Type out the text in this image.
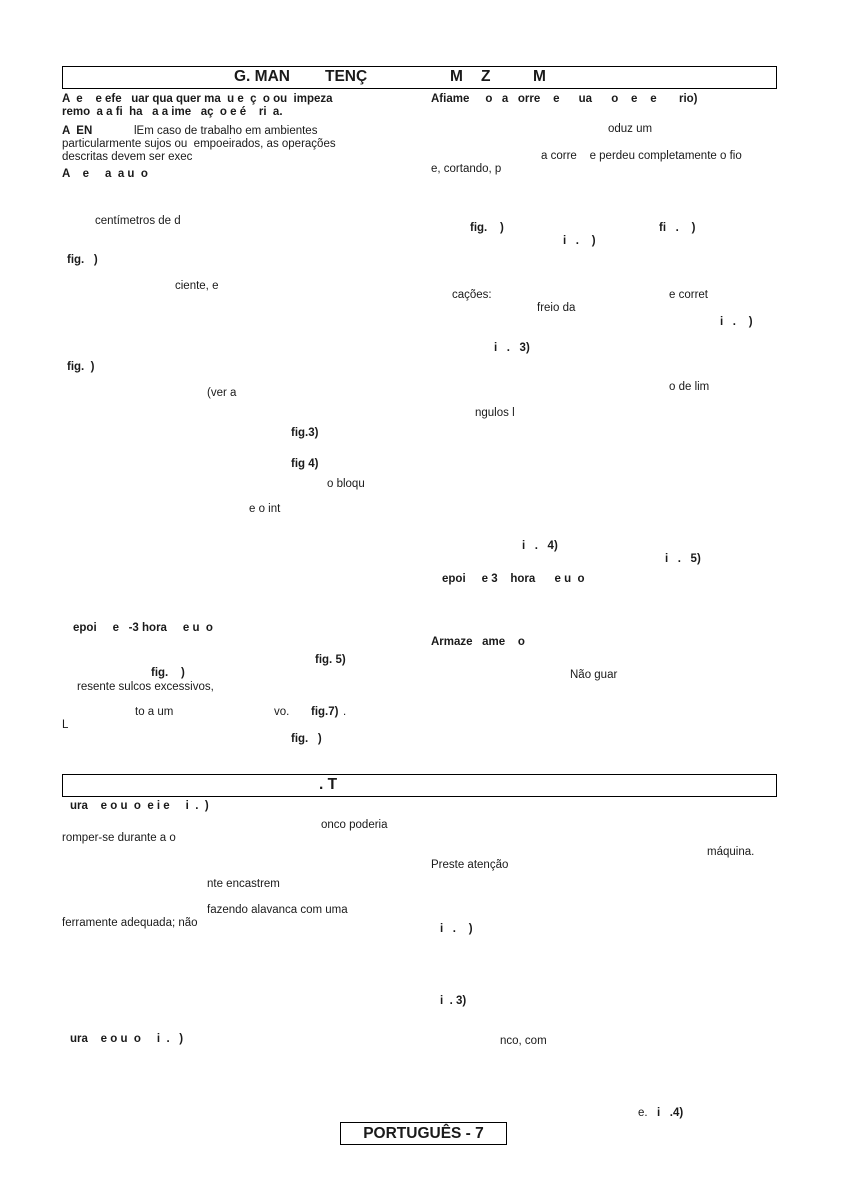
G. MAN TENÇ	M Z	M
A  e    e efe   uar qua quer ma  u e  ç  o ou  impeza
remo  a a fi  ha   a a ime   aç  o e é    ri  a.
A  EN	lEm caso de trabalho em ambientes
particularmente sujos ou  empoeirados, as operações
descritas devem ser exec
A    e     a  a u  o
centímetros de d
fig.   )
ciente, e
fig.  )
(ver a
fig.3)
fig 4)
o bloqu
e o int
epoi     e   -3 hora     e u  o
fig. 5)
fig.    )
resente sulcos excessivos,
to a um	vo. fig.7) .
L
fig.   )
Afiame     o   a   orre    e      ua      o    e    e       rio)
oduz um
a corre    e perdeu completamente o fio
e, cortando, p
fig.    )	fi   .    )
i   .    )
cações:	e corret
freio da
i   .    )
i   .   3)
o de lim
ngulos l
i   .   4)
i   .   5)
epoi     e 3    hora      e u  o
Armaze   ame    o
Não guar
. T
ura    e o u  o  e i e     i  .  )
onco poderia
romper-se durante a o
nte encastrem
fazendo alavanca com uma
ferramente adequada; não
ura    e o u  o     i  .   )
máquina.
Preste atenção
i   .    )
i  . 3)
nco, com
e. i   .4)
PORTUGUÊS - 7
